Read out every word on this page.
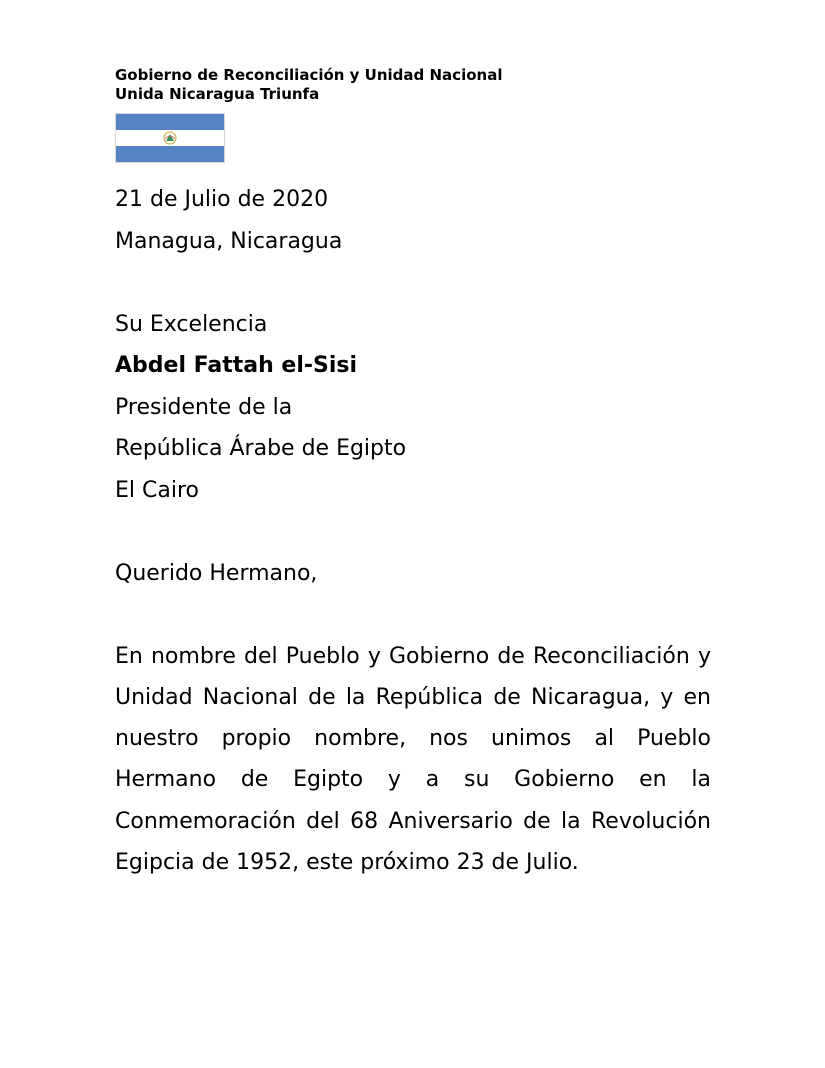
Gobierno de Reconciliación y Unidad Nacional
Unida Nicaragua Triunfa
21 de Julio de 2020
Managua, Nicaragua
Su Excelencia
Abdel Fattah el-Sisi
Presidente de la
República Árabe de Egipto
El Cairo
Querido Hermano,
En nombre del Pueblo y Gobierno de Reconciliación y Unidad Nacional de la República de Nicaragua, y en nuestro propio nombre, nos unimos al Pueblo Hermano de Egipto y a su Gobierno en la Conmemoración del 68 Aniversario de la Revolución Egipcia de 1952, este próximo 23 de Julio.
